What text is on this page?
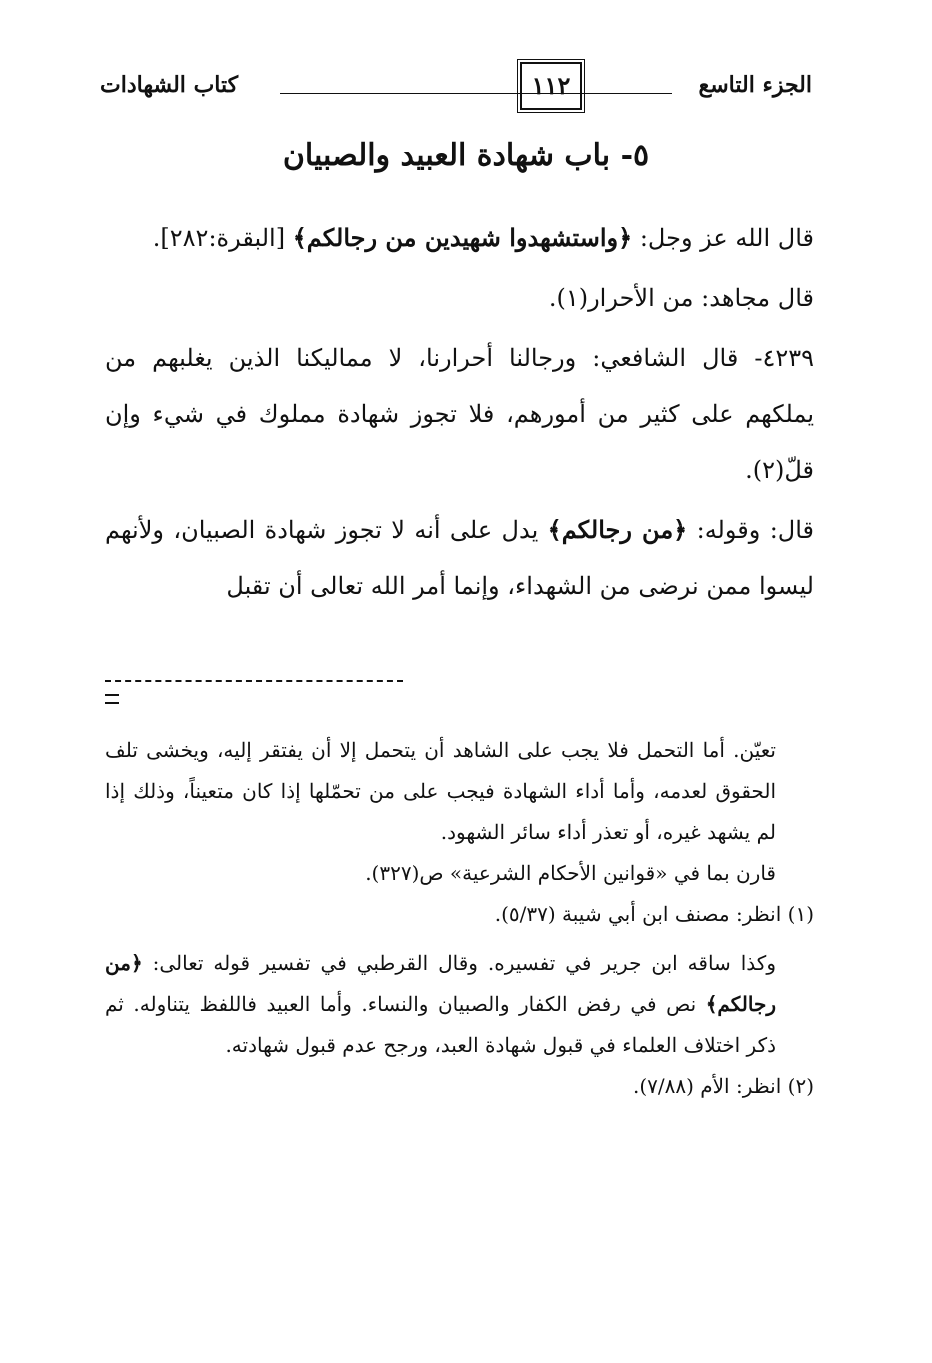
الجزء التاسع
١١٢
كتاب الشهادات
٥- باب شهادة العبيد والصبيان

قال الله عز وجل: ﴿واستشهدوا شهيدين من رجالكم﴾ [البقرة:٢٨٢].

قال مجاهد: من الأحرار(١).

٤٢٣٩- قال الشافعي: ورجالنا أحرارنا، لا مماليكنا الذين يغلبهم من يملكهم على كثير من أمورهم، فلا تجوز شهادة مملوك في شيء وإن قلّ(٢).

قال: وقوله: ﴿من رجالكم﴾ يدل على أنه لا تجوز شهادة الصبيان، ولأنهم ليسوا ممن نرضى من الشهداء، وإنما أمر الله تعالى أن تقبل

تعيّن. أما التحمل فلا يجب على الشاهد أن يتحمل إلا أن يفتقر إليه، ويخشى تلف الحقوق لعدمه، وأما أداء الشهادة فيجب على من تحمّلها إذا كان متعيناً، وذلك إذا لم يشهد غيره، أو تعذر أداء سائر الشهود.

قارن بما في «قوانين الأحكام الشرعية» ص(٣٢٧).

(١) انظر: مصنف ابن أبي شيبة (٥/٣٧).

وكذا ساقه ابن جرير في تفسيره. وقال القرطبي في تفسير قوله تعالى: ﴿من رجالكم﴾ نص في رفض الكفار والصبيان والنساء. وأما العبيد فاللفظ يتناوله. ثم ذكر اختلاف العلماء في قبول شهادة العبد، ورجح عدم قبول شهادته.

(٢) انظر: الأم (٧/٨٨).
